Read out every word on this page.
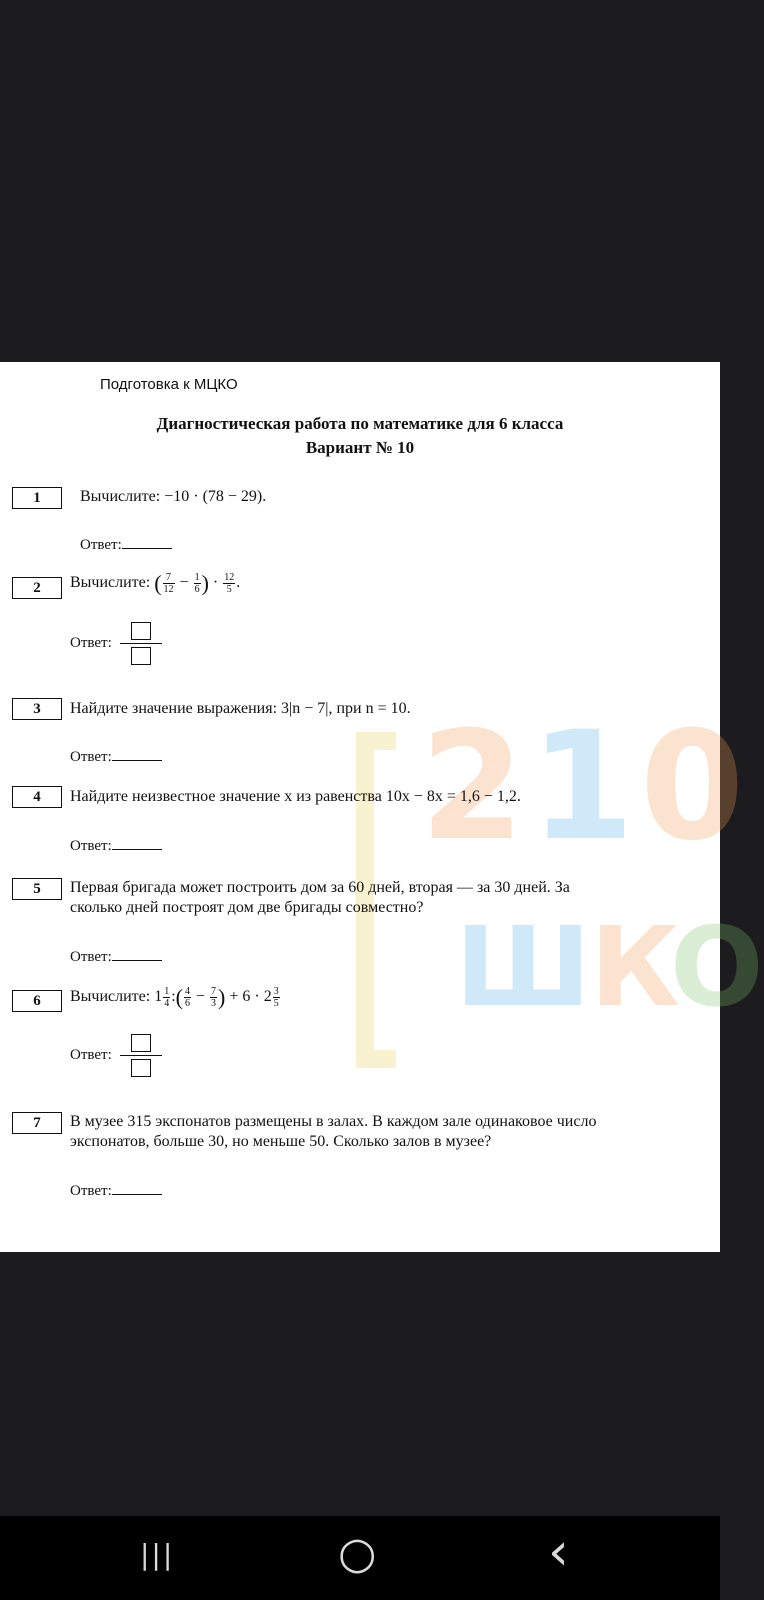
2 1 0
Ш К
О
Подготовка к МЦКО
Диагностическая работа по математике для 6 класса
Вариант № 10
1	Вычислите: −10 · (78 − 29).
Ответ:
2	Вычислите: ( $\frac{7}{12} - \frac{1}{6}$ ) · $\frac{12}{5}$ .
Ответ:
3	Найдите значение выражения: 3|n − 7|, при n = 10.
Ответ:
4	Найдите неизвестное значение x из равенства 10x − 8x = 1,6 − 1,2.
Ответ:
5	Первая бригада может построить дом за 60 дней, вторая — за 30 дней. За
сколько дней построят дом две бригады совместно?
Ответ:
6	Вычислите: $1 \frac{1}{4}$ :( $\frac{4}{6} - \frac{7}{3}$ ) + $6 \cdot 2 \frac{3}{5}$
Ответ:
7	В музее 315 экспонатов размещены в залах. В каждом зале одинаковое число
экспонатов, больше 30, но меньше 50. Сколько залов в музее?
Ответ:
|||	○	‹
